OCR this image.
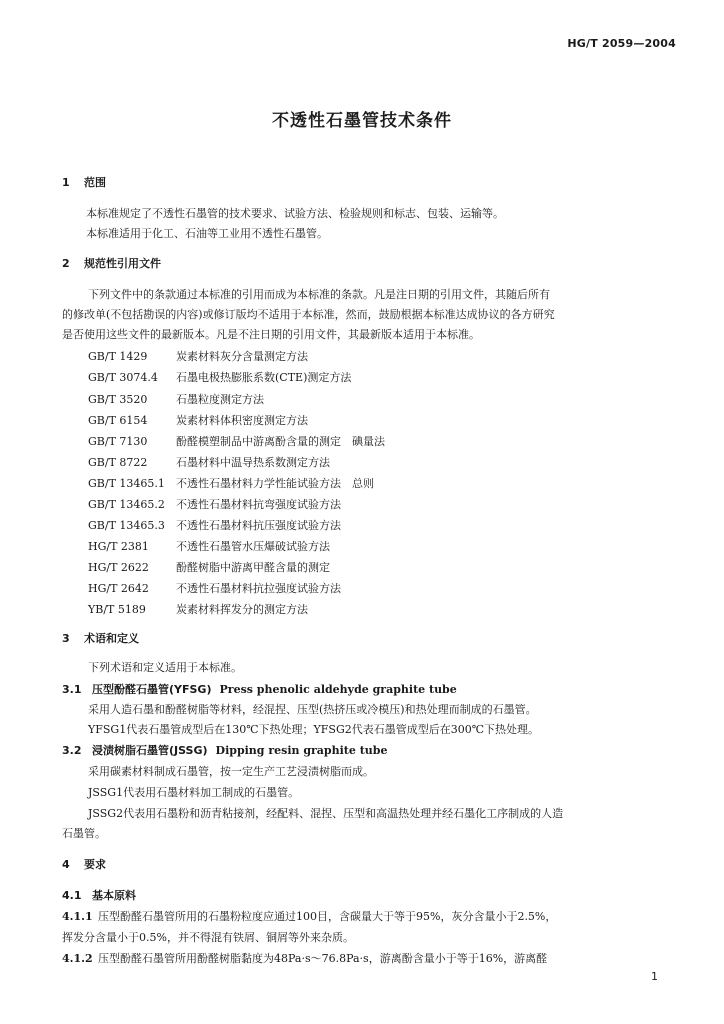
HG/T 2059—2004
不透性石墨管技术条件
1 范围
本标准规定了不透性石墨管的技术要求、试验方法、检验规则和标志、包装、运输等。
本标准适用于化工、石油等工业用不透性石墨管。
2 规范性引用文件
下列文件中的条款通过本标准的引用而成为本标准的条款。凡是注日期的引用文件，其随后所有
的修改单(不包括勘误的内容)或修订版均不适用于本标准，然而，鼓励根据本标准达成协议的各方研究
是否使用这些文件的最新版本。凡是不注日期的引用文件，其最新版本适用于本标准。
GB/T 1429	炭素材料灰分含量测定方法
GB/T 3074.4 石墨电极热膨胀系数(CTE)测定方法
GB/T 3520	石墨粒度测定方法
GB/T 6154	炭素材料体积密度测定方法
GB/T 7130	酚醛模塑制品中游离酚含量的测定　碘量法
GB/T 8722	石墨材料中温导热系数测定方法
GB/T 13465.1 不透性石墨材料力学性能试验方法　总则
GB/T 13465.2 不透性石墨材料抗弯强度试验方法
GB/T 13465.3 不透性石墨材料抗压强度试验方法
HG/T 2381 不透性石墨管水压爆破试验方法
HG/T 2622 酚醛树脂中游离甲醛含量的测定
HG/T 2642 不透性石墨材料抗拉强度试验方法
YB/T 5189	炭素材料挥发分的测定方法
3 术语和定义
下列术语和定义适用于本标准。
3.1 压型酚醛石墨管(YFSG) Press phenolic aldehyde graphite tube
采用人造石墨和酚醛树脂等材料，经混捏、压型(热挤压或冷模压)和热处理而制成的石墨管。
YFSG1代表石墨管成型后在130℃下热处理；YFSG2代表石墨管成型后在300℃下热处理。
3.2 浸渍树脂石墨管(JSSG) Dipping resin graphite tube
采用碳素材料制成石墨管，按一定生产工艺浸渍树脂而成。
JSSG1代表用石墨材料加工制成的石墨管。
JSSG2代表用石墨粉和沥青粘接剂，经配料、混捏、压型和高温热处理并经石墨化工序制成的人造
石墨管。
4 要求
4.1 基本原料
4.1.1 压型酚醛石墨管所用的石墨粉粒度应通过100目，含碳量大于等于95%，灰分含量小于2.5%，
挥发分含量小于0.5%，并不得混有铁屑、铜屑等外来杂质。
4.1.2 压型酚醛石墨管所用酚醛树脂黏度为48Pa·s～76.8Pa·s，游离酚含量小于等于16%，游离醛
1
